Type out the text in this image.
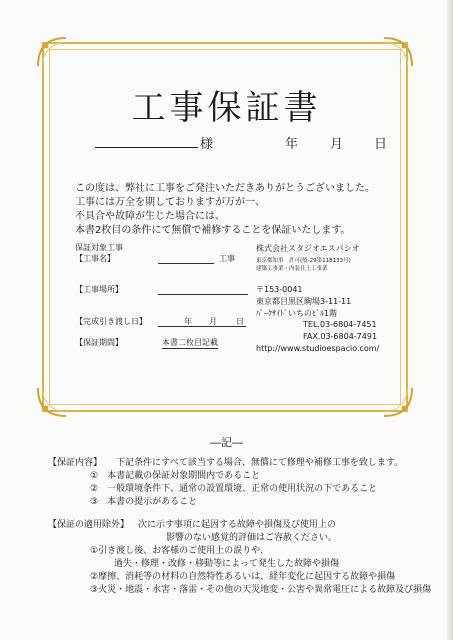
工事保証書
様	年 月 日
この度は、弊社に工事をご発注いただきありがとうございました。
工事には万全を期しておりますが万が一、
不具合や故障が生じた場合には、
本書2枚目の条件にて無償で補修することを保証いたします。
保証対象工事
【工事名】	工事
【工事場所】
【完成引き渡し日】	年 月 日
【保証期間】	本書二枚目記載
株式会社スタジオエスパシオ
東京都知事　許可(般-29第118133号)
建築工事業・内装仕上工事業
〒153-0041
東京都目黒区駒場3-11-11
ﾊﾟｰｸｻｲﾄﾞいちのﾋﾞﾙ1階
TEL.03-6804-7451
FAX.03-6804-7491
http://www.studioespacio.com/
―記―
【保証内容】 下記条件にすべて該当する場合、無償にて修理や補修工事を致します。
①　本書記載の保証対象期間内であること
②　一般環境条件下、通常の設置環境、正常の使用状況の下であること
③　本書の提示があること
【保証の適用除外】 次に示す事項に起因する故障や損傷及び使用上の
影響のない感覚的評価はご容赦ください。
①引き渡し後、お客様のご使用上の誤りや、
過失・修理・改修・移動等によって発生した故障や損傷
②摩擦、消耗等の材料の自然特性あるいは、経年変化に起因する故障や損傷
③火災・地震・水害・落雷・その他の天災地変・公害や異常電圧による故障及び損傷
